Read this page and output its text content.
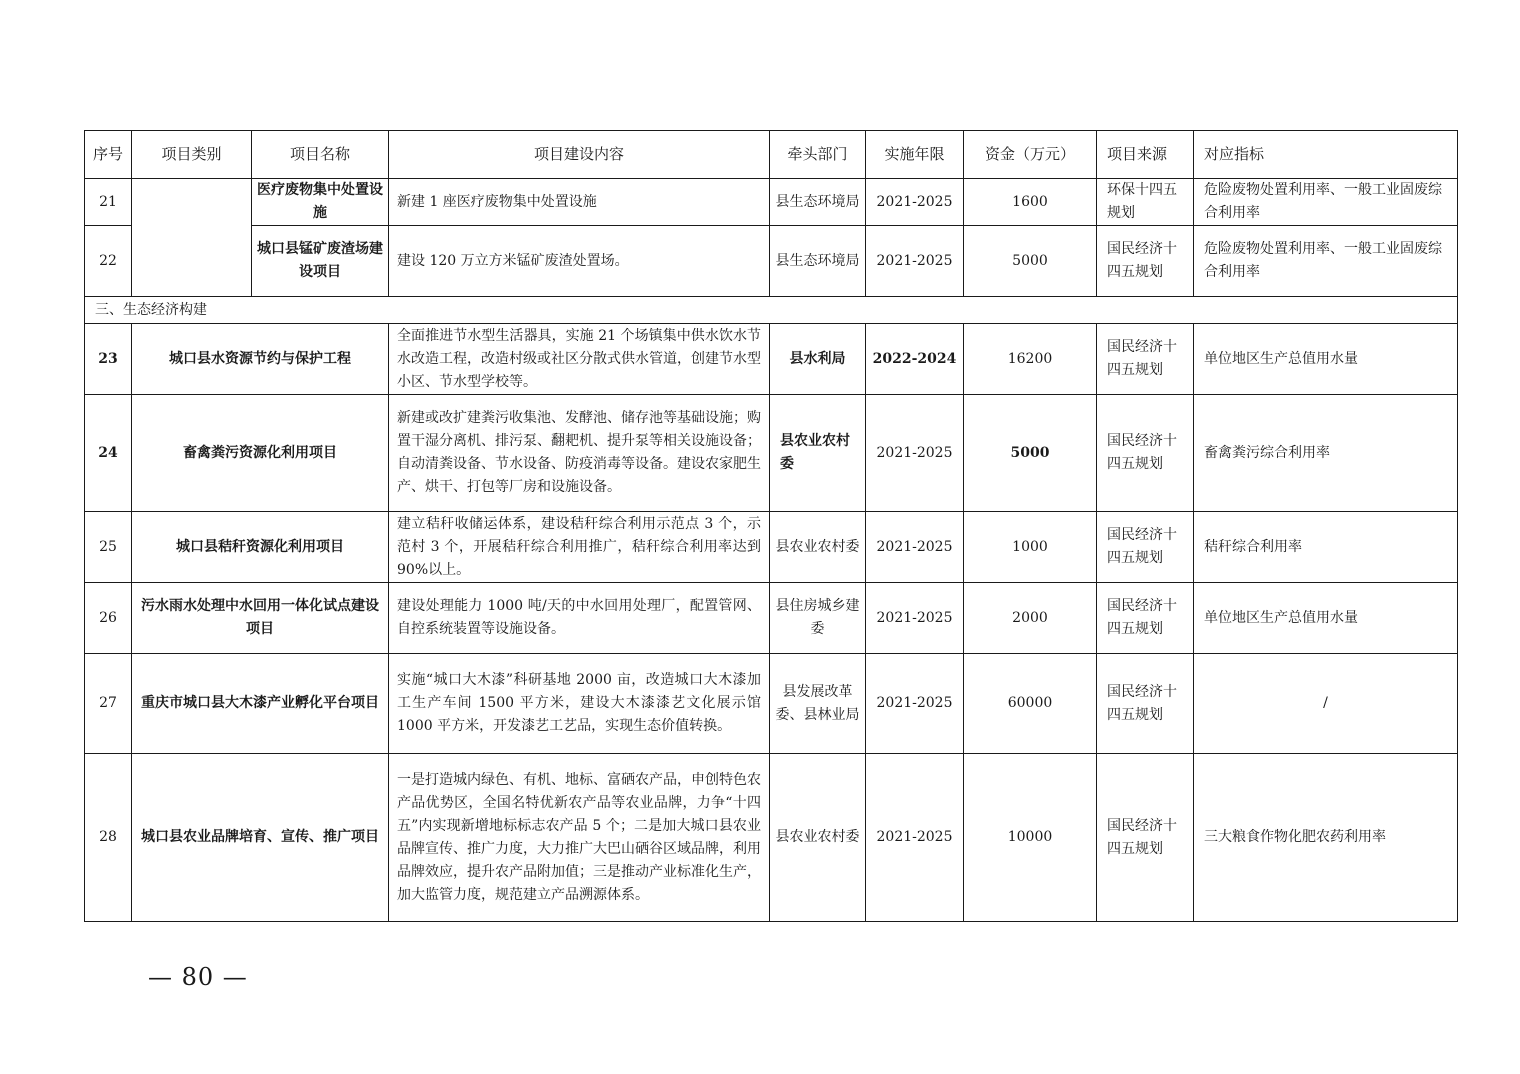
序号	项目类别	项目名称	项目建设内容	牵头部门	实施年限	资金（万元）	项目来源	对应指标
21		医疗废物集中处置设施	新建 1 座医疗废物集中处置设施	县生态环境局	2021-2025	1600	环保十四五规划	危险废物处置利用率、一般工业固废综合利用率
22		城口县锰矿废渣场建设项目	建设 120 万立方米锰矿废渣处置场。	县生态环境局	2021-2025	5000	国民经济十四五规划	危险废物处置利用率、一般工业固废综合利用率
三、生态经济构建								
23	城口县水资源节约与保护工程		全面推进节水型生活器具，实施 21 个场镇集中供水饮水节水改造工程，改造村级或社区分散式供水管道，创建节水型小区、节水型学校等。	县水利局	2022-2024	16200	国民经济十四五规划	单位地区生产总值用水量
24	畜禽粪污资源化利用项目		新建或改扩建粪污收集池、发酵池、储存池等基础设施；购置干湿分离机、排污泵、翻耙机、提升泵等相关设施设备；自动清粪设备、节水设备、防疫消毒等设备。建设农家肥生产、烘干、打包等厂房和设施设备。	县农业农村委	2021-2025	5000	国民经济十四五规划	畜禽粪污综合利用率
25	城口县秸秆资源化利用项目		建立秸秆收储运体系，建设秸秆综合利用示范点 3 个，示范村 3 个，开展秸秆综合利用推广，秸秆综合利用率达到 90%以上。	县农业农村委	2021-2025	1000	国民经济十四五规划	秸秆综合利用率
26	污水雨水处理中水回用一体化试点建设项目		建设处理能力 1000 吨/天的中水回用处理厂，配置管网、自控系统装置等设施设备。	县住房城乡建委	2021-2025	2000	国民经济十四五规划	单位地区生产总值用水量
27	重庆市城口县大木漆产业孵化平台项目		实施“城口大木漆”科研基地 2000 亩，改造城口大木漆加工生产车间 1500 平方米，建设大木漆漆艺文化展示馆 1000 平方米，开发漆艺工艺品，实现生态价值转换。	县发展改革委、县林业局	2021-2025	60000	国民经济十四五规划	/
28	城口县农业品牌培育、宣传、推广项目		一是打造城内绿色、有机、地标、富硒农产品，申创特色农产品优势区，全国名特优新农产品等农业品牌，力争“十四五”内实现新增地标标志农产品 5 个；二是加大城口县农业品牌宣传、推广力度，大力推广大巴山硒谷区域品牌，利用品牌效应，提升农产品附加值；三是推动产业标准化生产，加大监管力度，规范建立产品溯源体系。	县农业农村委	2021-2025	10000	国民经济十四五规划	三大粮食作物化肥农药利用率
— 80 —
